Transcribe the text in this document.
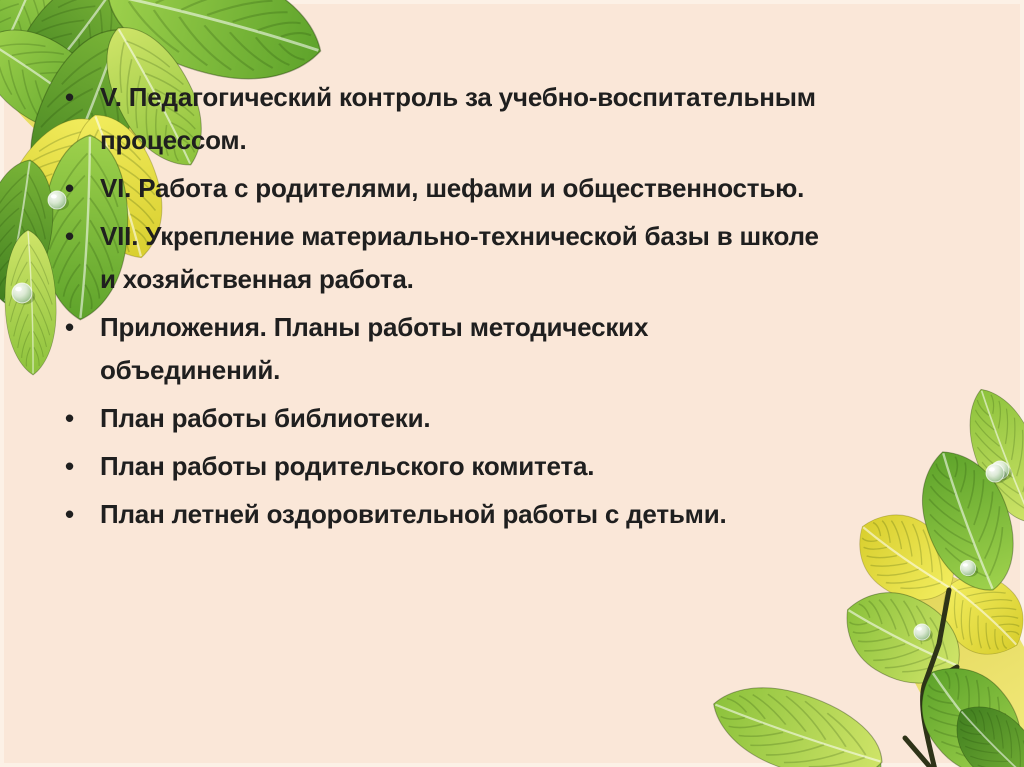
• V. Педагогический контроль за учебно-воспитательным
процессом.
• VI. Работа с родителями, шефами и общественностью.
• VII. Укрепление материально-технической базы в школе
и хозяйственная работа.
• Приложения. Планы работы методических
объединений.
• План работы библиотеки.
• План работы родительского комитета.
• План летней оздоровительной работы с детьми.
